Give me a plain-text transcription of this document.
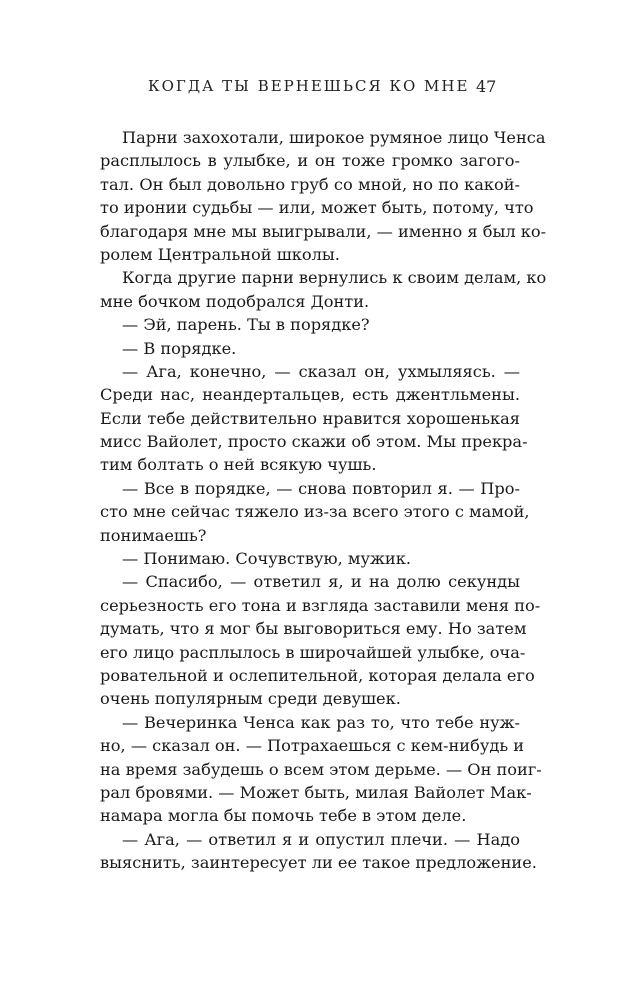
КОГДА ТЫ ВЕРНЕШЬСЯ КО МНЕ 47
Парни захохотали, широкое румяное лицо Ченса
расплылось в улыбке, и он тоже громко загого-
тал. Он был довольно груб со мной, но по какой-
то иронии судьбы — или, может быть, потому, что
благодаря мне мы выигрывали, — именно я был ко-
ролем Центральной школы.
Когда другие парни вернулись к своим делам, ко
мне бочком подобрался Донти.
— Эй, парень. Ты в порядке?
— В порядке.
— Ага, конечно, — сказал он, ухмыляясь. —
Среди нас, неандертальцев, есть джентльмены.
Если тебе действительно нравится хорошенькая
мисс Вайолет, просто скажи об этом. Мы прекра-
тим болтать о ней всякую чушь.
— Все в порядке, — снова повторил я. — Про-
сто мне сейчас тяжело из-за всего этого с мамой,
понимаешь?
— Понимаю. Сочувствую, мужик.
— Спасибо, — ответил я, и на долю секунды
серьезность его тона и взгляда заставили меня по-
думать, что я мог бы выговориться ему. Но затем
его лицо расплылось в широчайшей улыбке, оча-
ровательной и ослепительной, которая делала его
очень популярным среди девушек.
— Вечеринка Ченса как раз то, что тебе нуж-
но, — сказал он. — Потрахаешься с кем-нибудь и
на время забудешь о всем этом дерьме. — Он поиг-
рал бровями. — Может быть, милая Вайолет Мак-
намара могла бы помочь тебе в этом деле.
— Ага, — ответил я и опустил плечи. — Надо
выяснить, заинтересует ли ее такое предложение.
